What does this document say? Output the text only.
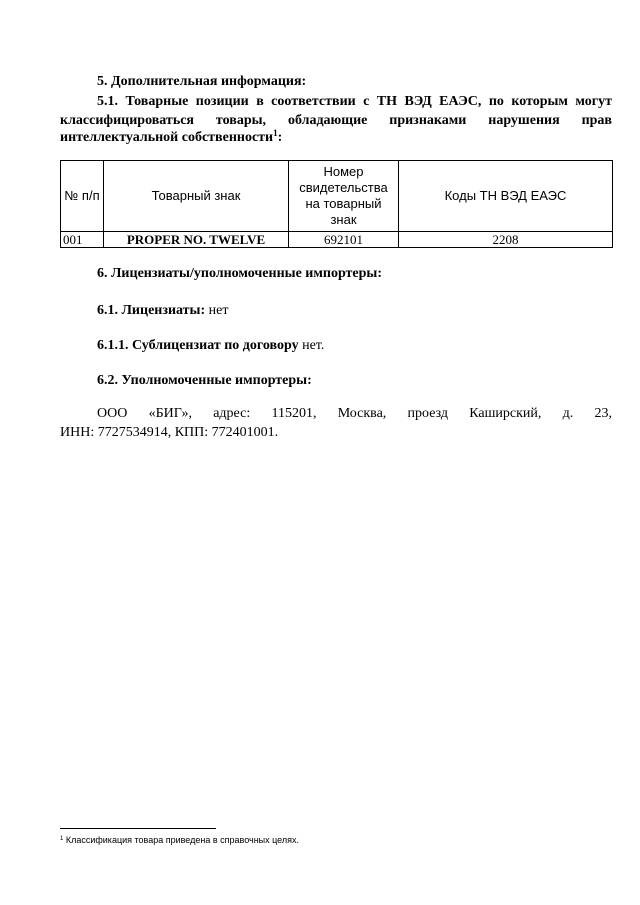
5. Дополнительная информация:
5.1. Товарные позиции в соответствии с ТН ВЭД ЕАЭС, по которым могут
классифицироваться товары, обладающие признаками нарушения прав
интеллектуальной собственности$^1$:
№ п/п	Товарный знак	Номер свидетельства на товарный знак	Коды ТН ВЭД ЕАЭС
001	PROPER NO. TWELVE	692101	2208
6. Лицензиаты/уполномоченные импортеры:
6.1. Лицензиаты: нет
6.1.1. Сублицензиат по договору нет.
6.2. Уполномоченные импортеры:
ООО «БИГ», адрес: 115201, Москва, проезд Каширский, д. 23,
ИНН: 7727534914, КПП: 772401001.
$^1$ Классификация товара приведена в справочных целях.
